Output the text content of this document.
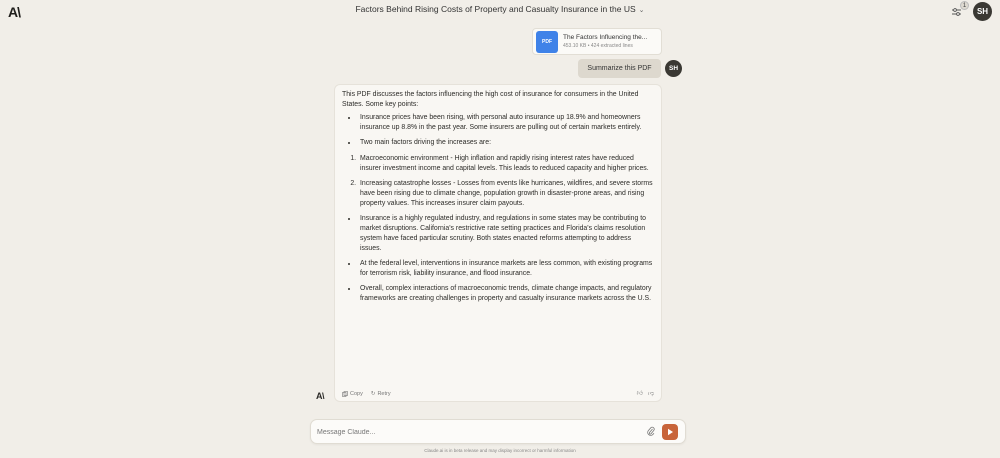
A\	Factors Behind Rising Costs of Property and Casualty Insurance in the US ⌄
1
SH
PDF
The Factors Influencing the...
453.10 KB • 424 extracted lines
Summarize this PDF	SH

This PDF discusses the factors influencing the high cost of insurance for consumers in the United States. Some key points:

• Insurance prices have been rising, with personal auto insurance up 18.9% and homeowners insurance up 8.8% in the past year. Some insurers are pulling out of certain markets entirely.
• Two main factors driving the increases are:
1. Macroeconomic environment - High inflation and rapidly rising interest rates have reduced insurer investment income and capital levels. This leads to reduced capacity and higher prices.
2. Increasing catastrophe losses - Losses from events like hurricanes, wildfires, and severe storms have been rising due to climate change, population growth in disaster-prone areas, and rising property values. This increases insurer claim payouts.
• Insurance is a highly regulated industry, and regulations in some states may be contributing to market disruptions. California's restrictive rate setting practices and Florida's claims resolution system have faced particular scrutiny. Both states enacted reforms attempting to address issues.
• At the federal level, interventions in insurance markets are less common, with existing programs for terrorism risk, liability insurance, and flood insurance.
• Overall, complex interactions of macroeconomic trends, climate change impacts, and regulatory frameworks are creating challenges in property and casualty insurance markets across the U.S.
Copy ↻ Retry	👍︎ 👎︎
A\
Message Claude...
Claude.ai is in beta release and may display incorrect or harmful information
